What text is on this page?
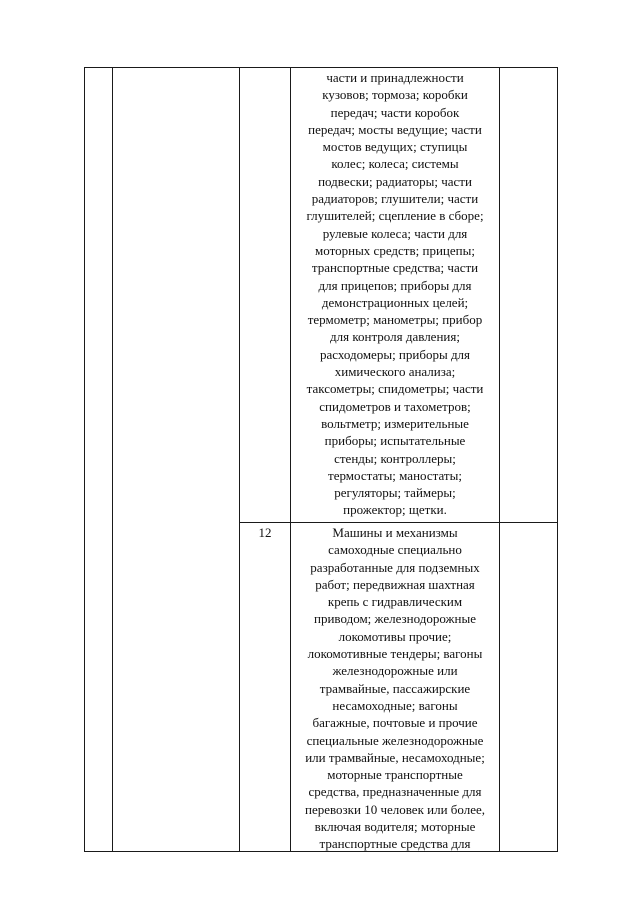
части и принадлежности
кузовов; тормоза; коробки
передач; части коробок
передач; мосты ведущие; части
мостов ведущих; ступицы
колес; колеса; системы
подвески; радиаторы; части
радиаторов; глушители; части
глушителей; сцепление в сборе;
рулевые колеса; части для
моторных средств; прицепы;
транспортные средства; части
для прицепов; приборы для
демонстрационных целей;
термометр; манометры; прибор
для контроля давления;
расходомеры; приборы для
химического анализа;
таксометры; спидометры; части
спидометров и тахометров;
вольтметр; измерительные
приборы; испытательные
стенды; контроллеры;
термостаты; маностаты;
регуляторы; таймеры;
прожектор; щетки.
12	Машины и механизмы
самоходные специально
разработанные для подземных
работ; передвижная шахтная
крепь с гидравлическим
приводом; железнодорожные
локомотивы прочие;
локомотивные тендеры; вагоны
железнодорожные или
трамвайные, пассажирские
несамоходные; вагоны
багажные, почтовые и прочие
специальные железнодорожные
или трамвайные, несамоходные;
моторные транспортные
средства, предназначенные для
перевозки 10 человек или более,
включая водителя; моторные
транспортные средства для
